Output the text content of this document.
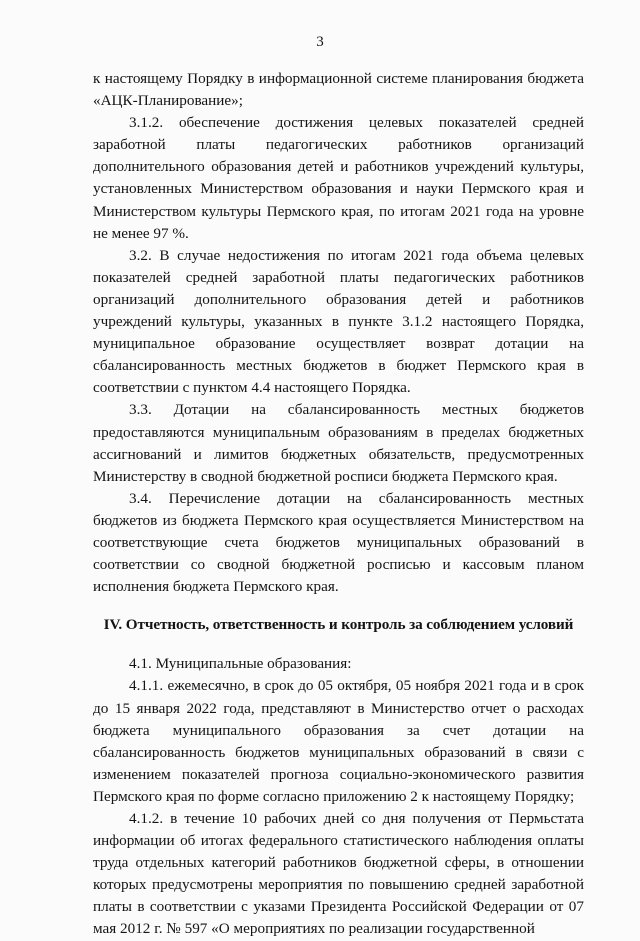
3

к настоящему Порядку в информационной системе планирования бюджета «АЦК-Планирование»;

3.1.2. обеспечение достижения целевых показателей средней заработной платы педагогических работников организаций дополнительного образования детей и работников учреждений культуры, установленных Министерством образования и науки Пермского края и Министерством культуры Пермского края, по итогам 2021 года на уровне не менее 97 %.

3.2. В случае недостижения по итогам 2021 года объема целевых показателей средней заработной платы педагогических работников организаций дополнительного образования детей и работников учреждений культуры, указанных в пункте 3.1.2 настоящего Порядка, муниципальное образование осуществляет возврат дотации на сбалансированность местных бюджетов в бюджет Пермского края в соответствии с пунктом 4.4 настоящего Порядка.

3.3. Дотации на сбалансированность местных бюджетов предоставляются муниципальным образованиям в пределах бюджетных ассигнований и лимитов бюджетных обязательств, предусмотренных Министерству в сводной бюджетной росписи бюджета Пермского края.

3.4. Перечисление дотации на сбалансированность местных бюджетов из бюджета Пермского края осуществляется Министерством на соответствующие счета бюджетов муниципальных образований в соответствии со сводной бюджетной росписью и кассовым планом исполнения бюджета Пермского края.

IV. Отчетность, ответственность и контроль за соблюдением условий

4.1. Муниципальные образования:

4.1.1. ежемесячно, в срок до 05 октября, 05 ноября 2021 года и в срок до 15 января 2022 года, представляют в Министерство отчет о расходах бюджета муниципального образования за счет дотации на сбалансированность бюджетов муниципальных образований в связи с изменением показателей прогноза социально-экономического развития Пермского края по форме согласно приложению 2 к настоящему Порядку;

4.1.2. в течение 10 рабочих дней со дня получения от Пермьстата информации об итогах федерального статистического наблюдения оплаты труда отдельных категорий работников бюджетной сферы, в отношении которых предусмотрены мероприятия по повышению средней заработной платы в соответствии с указами Президента Российской Федерации от 07 мая 2012 г. № 597 «О мероприятиях по реализации государственной
